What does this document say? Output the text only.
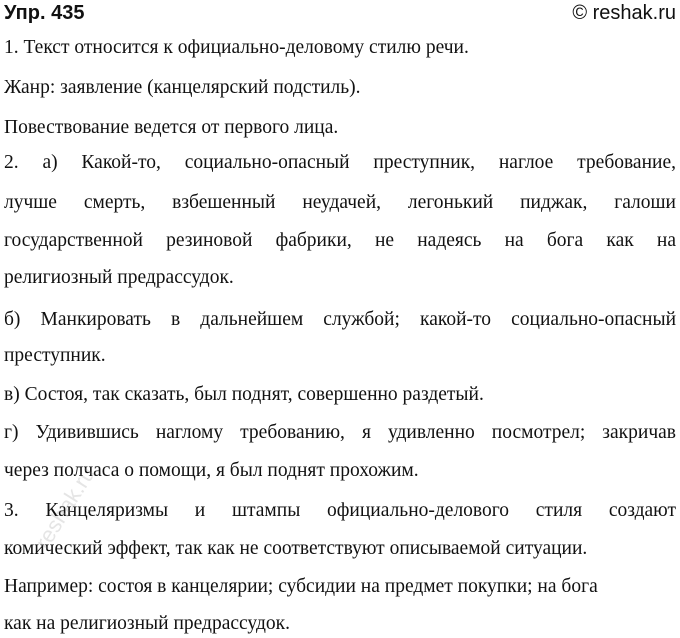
Упр. 435	© reshak.ru
1. Текст относится к официально-деловому стилю речи.
Жанр: заявление (канцелярский подстиль).
Повествование ведется от первого лица.
2. а) Какой-то, социально-опасный преступник, наглое требование,
лучше смерть, взбешенный неудачей, легонький пиджак, галоши
государственной резиновой фабрики, не надеясь на бога как на
религиозный предрассудок.
б) Манкировать в дальнейшем службой; какой-то социально-опасный
преступник.
в) Состоя, так сказать, был поднят, совершенно раздетый.
г) Удивившись наглому требованию, я удивленно посмотрел; закричав
через полчаса о помощи, я был поднят прохожим.
3. Канцеляризмы и штампы официально-делового стиля создают
комический эффект, так как не соответствуют описываемой ситуации.
Например: состоя в канцелярии; субсидии на предмет покупки; на бога
как на религиозный предрассудок.
reshak.ru
